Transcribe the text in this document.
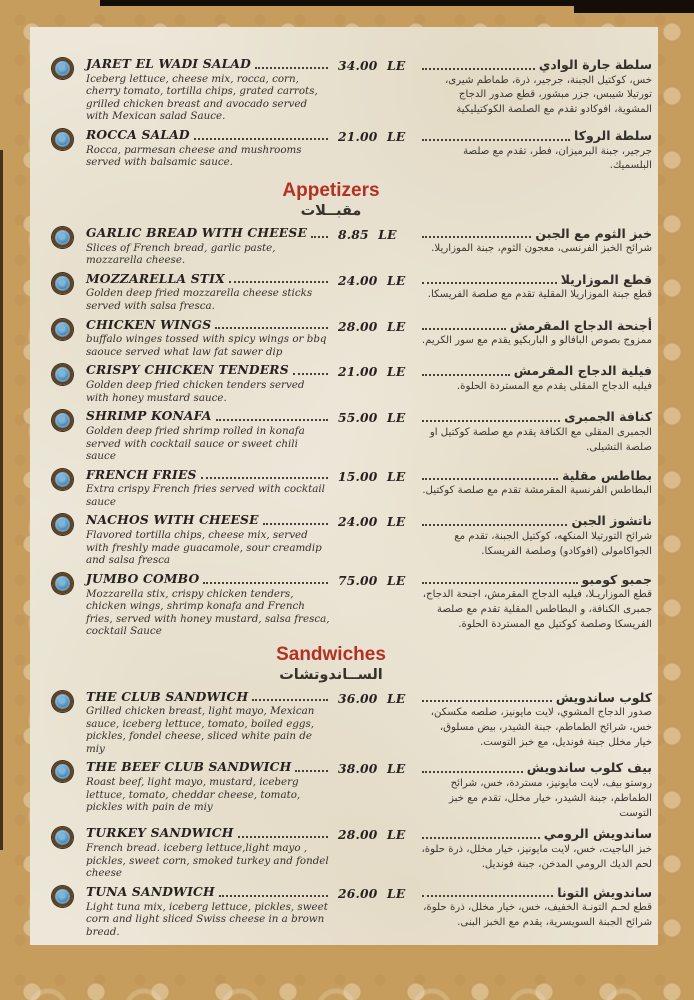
JARET EL WADI SALAD
Iceberg lettuce, cheese mix, rocca, corn, cherry tomato, tortilla chips, grated carrots, grilled chicken breast and avocado served with Mexican salad Sauce.
34.00 LE	سلطة جارة الوادي
خس، كوكتيل الجبنة، جرجير، ذرة، طماطم شيرى، تورتيلا شيبس، جزر مبشور، قطع صدور الدجاج المشوية، افوكادو تقدم مع الصلصة الكوكتيليكية
ROCCA SALAD
Rocca, parmesan cheese and mushrooms served with balsamic sauce.
21.00 LE	سلطة الروكا
جرجير، جبنة البرميزان، فطر، تقدم مع صلصة البلسميك.
Appetizers
مقبــلات
GARLIC BREAD WITH CHEESE
Slices of French bread, garlic paste, mozzarella cheese.
8.85 LE	خبز الثوم مع الجبن
شرائح الخبز الفرنسى، معجون الثوم، جبنة الموزاريلا.
MOZZARELLA STIX
Golden deep fried mozzarella cheese sticks served with salsa fresca.
24.00 LE	قطع الموزاريلا
قطع جبنة الموزاريلا المقلية تقدم مع صلصة الفريسكا.
CHICKEN WINGS
buffalo winges tossed with spicy wings or bbq saouce served what law fat sawer dip
28.00 LE	أجنحة الدجاج المقرمش
ممزوج بصوص البافالو و الباربكيو يقدم مع سور الكريم.
CRISPY CHICKEN TENDERS
Golden deep fried chicken tenders served with honey mustard sauce.
21.00 LE	فيلية الدجاج المقرمش
فيليه الدجاج المقلى يقدم مع المستردة الحلوة.
SHRIMP KONAFA
Golden deep fried shrimp rolled in konafa served with cocktail sauce or sweet chili sauce
55.00 LE	كنافة الجمبرى
الجمبرى المقلى مع الكنافة يقدم مع صلصة كوكتيل او صلصة التشيلى.
FRENCH FRIES
Extra crispy French fries served with cocktail sauce
15.00 LE	بطاطس مقلية
البطاطس الفرنسية المقرمشة تقدم مع صلصة كوكتيل.
NACHOS WITH CHEESE
Flavored tortilla chips, cheese mix, served with freshly made guacamole, sour creamdip and salsa fresca
24.00 LE	ناتشوز الجبن
شرائح التورتيلا المنكهه، كوكتيل الجبنة، تقدم مع الجواكامولى (افوكادو) وصلصة الفريسكا.
JUMBO COMBO
Mozzarella stix, crispy chicken tenders, chicken wings, shrimp konafa and French fries, served with honey mustard, salsa fresca, cocktail Sauce
75.00 LE	جمبو كومبو
قطع الموزاريـلا، فيليه الدجاج المقرمش، اجنحة الدجاج، جمبرى الكنافة، و البطاطس المقلية تقدم مع صلصة الفريسكا وصلصة كوكتيل مع المستردة الحلوة.
Sandwiches
الســاندوتشات
THE CLUB SANDWICH
Grilled chicken breast, light mayo, Mexican sauce, iceberg lettuce, tomato, boiled eggs, pickles, fondel cheese, sliced white pain de miy
36.00 LE	كلوب ساندويش
صدور الدجاج المشوي، لايت مايونيز، صلصه مكسكن، خس، شرائح الطماطم، جبنة الشيدر، بيض مسلوق، خيار مخلل جبنة فونديل، مع خبز التوست.
THE BEEF CLUB SANDWICH
Roast beef, light mayo, mustard, iceberg lettuce, tomato, cheddar cheese, tomato, pickles with pain de miy
38.00 LE	بيف كلوب ساندويش
روستو بيف، لايت مايونيز، مستردة، خس، شرائح الطماطم، جبنة الشيدر، خيار مخلل، تقدم مع خبز التوست
TURKEY SANDWICH
French bread. iceberg lettuce,light mayo , pickles, sweet corn, smoked turkey and fondel cheese
28.00 LE	ساندويش الرومي
خبز الباجيت، خس، لايت مايونيز، خيار مخلل، ذرة حلوة، لحم الديك الرومي المدخن، جبنة فونديل.
TUNA SANDWICH
Light tuna mix, iceberg lettuce, pickles, sweet corn and light sliced Swiss cheese in a brown bread.
26.00 LE	ساندويش التونا
قطع لحـم التونـة الخفيف، خس، خيار مخلل، ذرة حلوة، شرائح الجبنة السويسرية، يقدم مع الخبز البنى.
